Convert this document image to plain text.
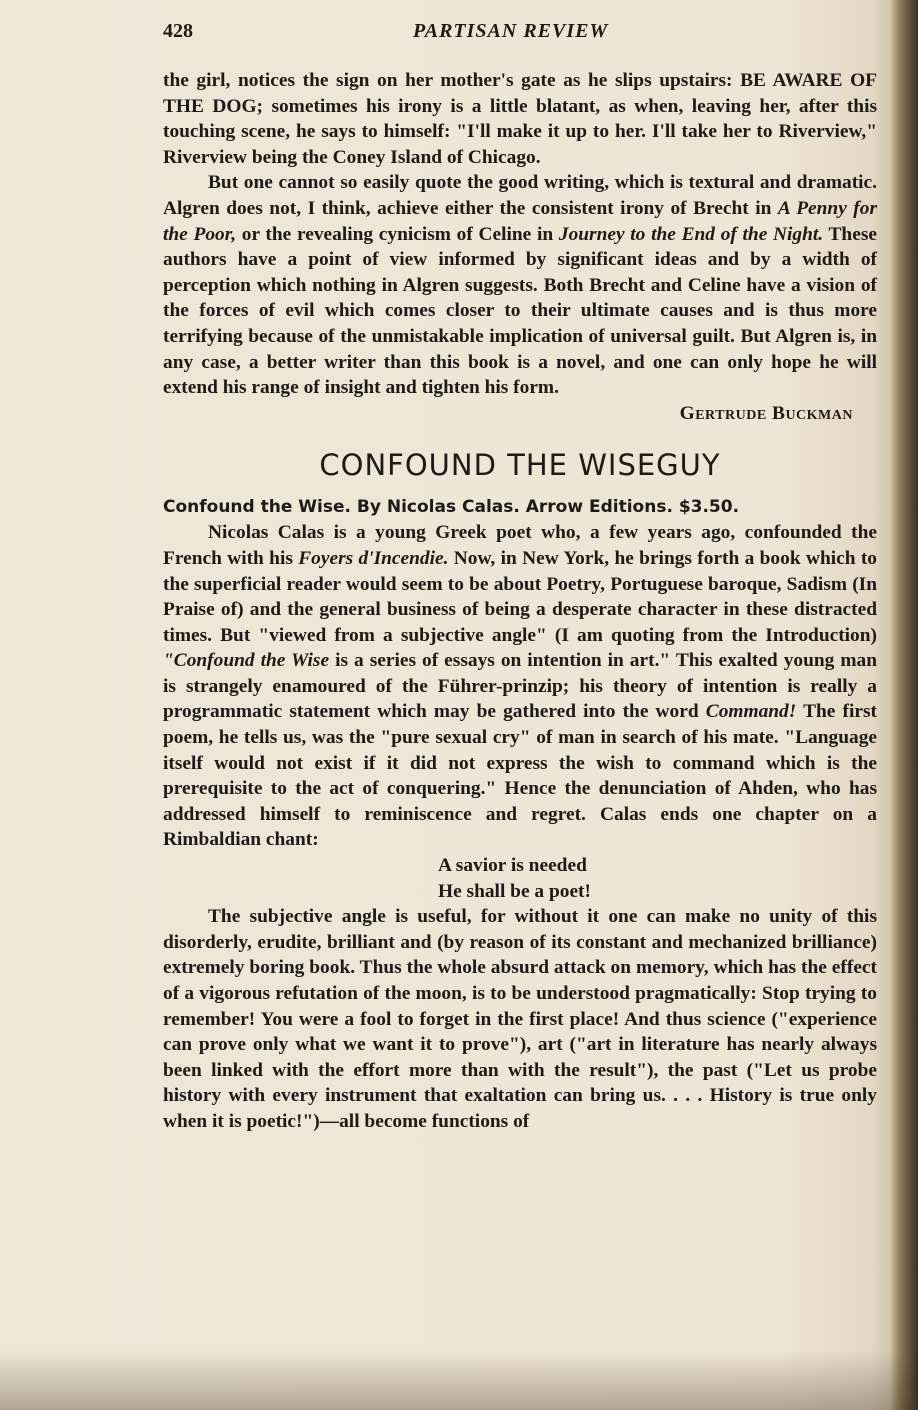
428	PARTISAN REVIEW

the girl, notices the sign on her mother's gate as he slips upstairs: BE AWARE OF THE DOG; sometimes his irony is a little blatant, as when, leaving her, after this touching scene, he says to himself: "I'll make it up to her. I'll take her to Riverview," Riverview being the Coney Island of Chicago.

But one cannot so easily quote the good writing, which is textural and dramatic. Algren does not, I think, achieve either the consistent irony of Brecht in A Penny for the Poor, or the revealing cynicism of Celine in Journey to the End of the Night. These authors have a point of view informed by significant ideas and by a width of perception which nothing in Algren suggests. Both Brecht and Celine have a vision of the forces of evil which comes closer to their ultimate causes and is thus more terrifying because of the unmistakable implication of universal guilt. But Algren is, in any case, a better writer than this book is a novel, and one can only hope he will extend his range of insight and tighten his form.

Gertrude Buckman

CONFOUND THE WISEGUY
Confound the Wise. By Nicolas Calas. Arrow Editions. $3.50.

Nicolas Calas is a young Greek poet who, a few years ago, confounded the French with his Foyers d'Incendie. Now, in New York, he brings forth a book which to the superficial reader would seem to be about Poetry, Portuguese baroque, Sadism (In Praise of) and the general business of being a desperate character in these distracted times. But "viewed from a subjective angle" (I am quoting from the Introduction) "Confound the Wise is a series of essays on intention in art." This exalted young man is strangely enamoured of the Führer-prinzip; his theory of intention is really a programmatic statement which may be gathered into the word Command! The first poem, he tells us, was the "pure sexual cry" of man in search of his mate. "Language itself would not exist if it did not express the wish to command which is the prerequisite to the act of conquering." Hence the denunciation of Ahden, who has addressed himself to reminiscence and regret. Calas ends one chapter on a Rimbaldian chant:

A savior is needed
He shall be a poet!

The subjective angle is useful, for without it one can make no unity of this disorderly, erudite, brilliant and (by reason of its constant and mechanized brilliance) extremely boring book. Thus the whole absurd attack on memory, which has the effect of a vigorous refutation of the moon, is to be understood pragmatically: Stop trying to remember! You were a fool to forget in the first place! And thus science ("experience can prove only what we want it to prove"), art ("art in literature has nearly always been linked with the effort more than with the result"), the past ("Let us probe history with every instrument that exaltation can bring us. . . . History is true only when it is poetic!")—all become functions of
